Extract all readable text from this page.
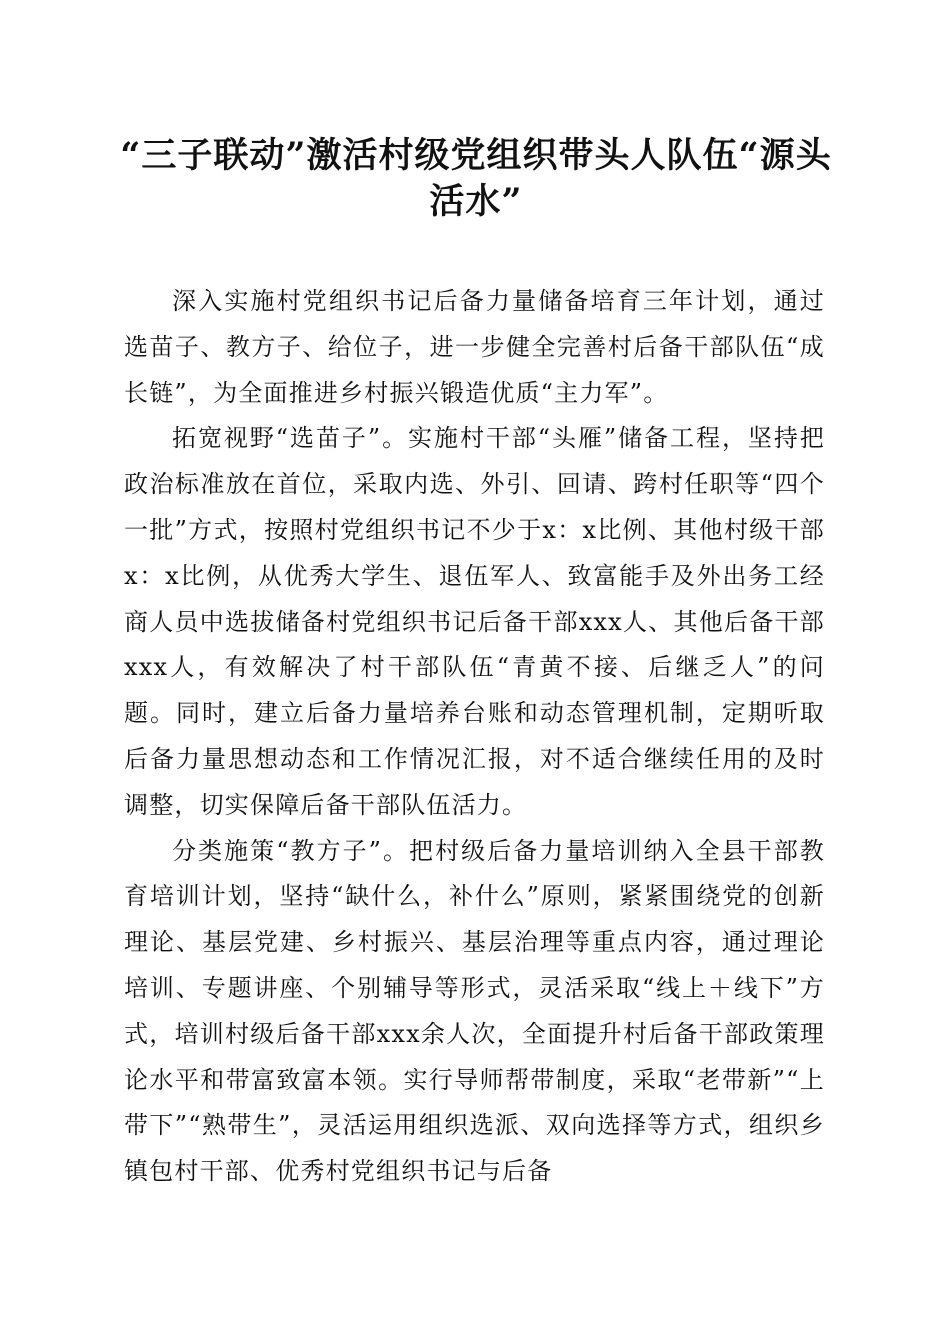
“三子联动”激活村级党组织带头人队伍“源头活水”

深入实施村党组织书记后备力量储备培育三年计划，通过选苗子、教方子、给位子，进一步健全完善村后备干部队伍“成长链”，为全面推进乡村振兴锻造优质“主力军”。

拓宽视野“选苗子”。实施村干部“头雁”储备工程，坚持把政治标准放在首位，采取内选、外引、回请、跨村任职等“四个一批”方式，按照村党组织书记不少于x：x比例、其他村级干部x：x比例，从优秀大学生、退伍军人、致富能手及外出务工经商人员中选拔储备村党组织书记后备干部xxx人、其他后备干部xxx人，有效解决了村干部队伍“青黄不接、后继乏人”的问题。同时，建立后备力量培养台账和动态管理机制，定期听取后备力量思想动态和工作情况汇报，对不适合继续任用的及时调整，切实保障后备干部队伍活力。

分类施策“教方子”。把村级后备力量培训纳入全县干部教育培训计划，坚持“缺什么，补什么”原则，紧紧围绕党的创新理论、基层党建、乡村振兴、基层治理等重点内容，通过理论培训、专题讲座、个别辅导等形式，灵活采取“线上＋线下”方式，培训村级后备干部xxx余人次，全面提升村后备干部政策理论水平和带富致富本领。实行导师帮带制度，采取“老带新”“上带下”“熟带生”，灵活运用组织选派、双向选择等方式，组织乡镇包村干部、优秀村党组织书记与后备
